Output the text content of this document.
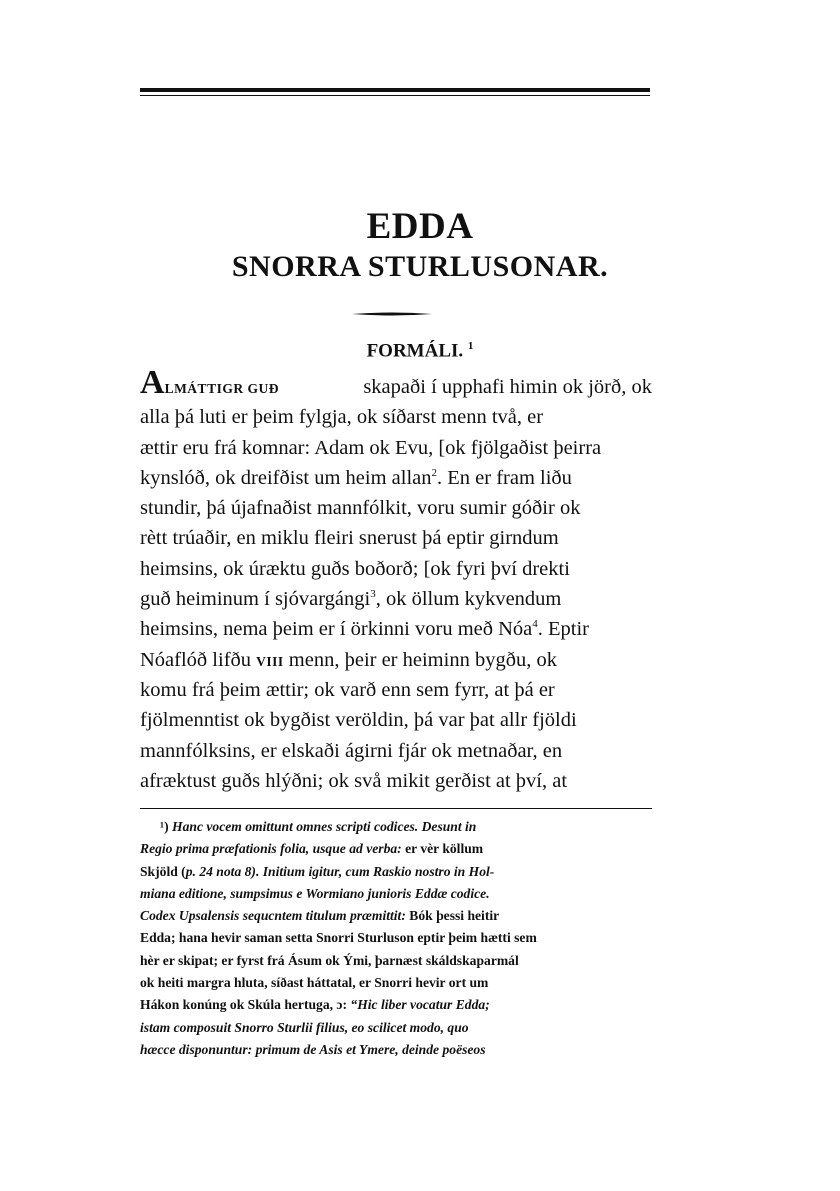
EDDA
SNORRA STURLUSONAR.
FORMÁLI. $^1$
ALMÁTTIGR GUÐ	skapaði í upphafi himin ok jörð, ok
alla þá luti er þeim fylgja, ok síðarst menn två, er
ættir eru frá komnar: Adam ok Evu, [ok fjölgaðist þeirra
kynslóð, ok dreifðist um heim allan$^2$. En er fram liðu
stundir, þá újafnaðist mannfólkit, voru sumir góðir ok
rètt trúaðir, en miklu fleiri snerust þá eptir girndum
heimsins, ok úræktu guðs boðorð; [ok fyri því drekti
guð heiminum í sjóvargángi$^3$, ok öllum kykvendum
heimsins, nema þeim er í örkinni voru með Nóa$^4$. Eptir
Nóaflóð lifðu VIII menn, þeir er heiminn bygðu, ok
komu frá þeim ættir; ok varð enn sem fyrr, at þá er
fjölmenntist ok bygðist veröldin, þá var þat allr fjöldi
mannfólksins, er elskaði ágirni fjár ok metnaðar, en
afræktust guðs hlýðni; ok svå mikit gerðist at því, at
¹) Hanc vocem omittunt omnes scripti codices. Desunt in
Regio prima præfationis folia, usque ad verba: er vèr köllum
Skjöld (p. 24 nota 8). Initium igitur, cum Raskio nostro in Hol-
miana editione, sumpsimus e Wormiano junioris Eddæ codice.
Codex Upsalensis sequcntem titulum præmittit: Bók þessi heitir
Edda; hana hevir saman setta Snorri Sturluson eptir þeim hætti sem
hèr er skipat; er fyrst frá Ásum ok Ými, þarnæst skáldskaparmál
ok heiti margra hluta, síðast háttatal, er Snorri hevir ort um
Hákon konúng ok Skúla hertuga, ɔ: “Hic liber vocatur Edda;
istam composuit Snorro Sturlii filius, eo scilicet modo, quo
hæcce disponuntur: primum de Asis et Ymere, deinde poëseos
